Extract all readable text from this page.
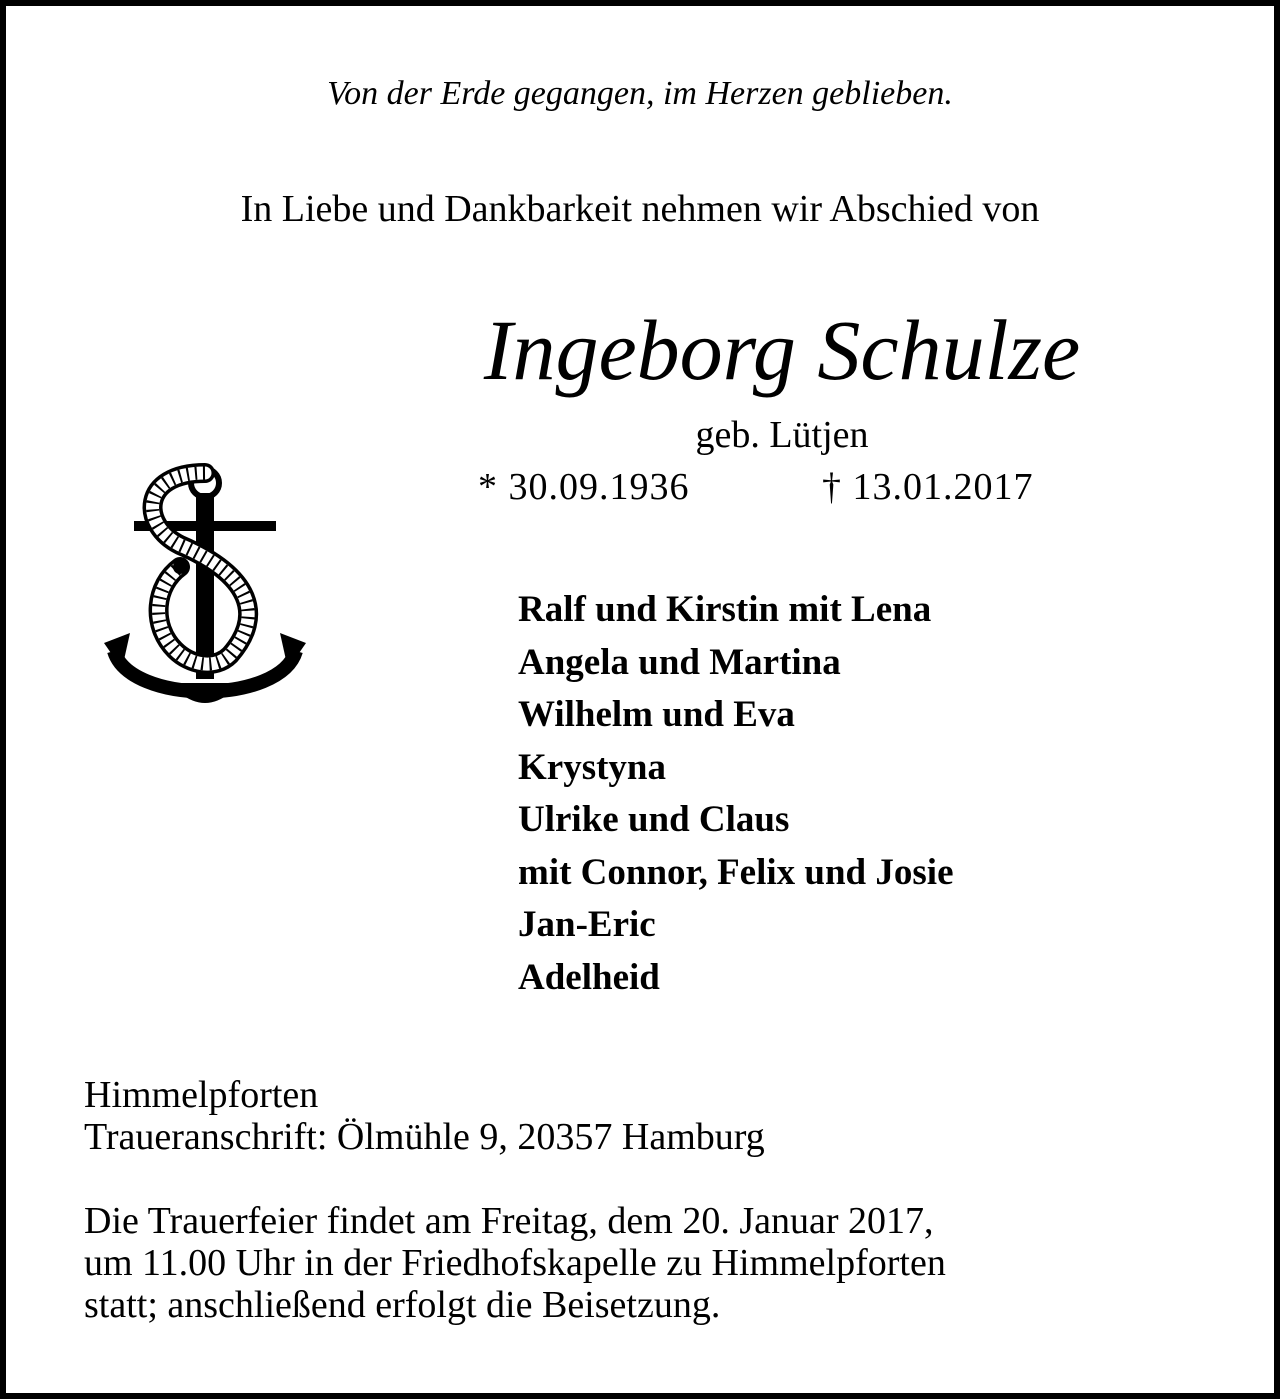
Von der Erde gegangen, im Herzen geblieben.
In Liebe und Dankbarkeit nehmen wir Abschied von
Ingeborg Schulze
geb. Lütjen
* 30.09.1936	† 13.01.2017
Ralf und Kirstin mit Lena
Angela und Martina
Wilhelm und Eva
Krystyna
Ulrike und Claus
mit Connor, Felix und Josie
Jan-Eric
Adelheid
Himmelpforten
Traueranschrift: Ölmühle 9, 20357 Hamburg
Die Trauerfeier findet am Freitag, dem 20. Januar 2017,
um 11.00 Uhr in der Friedhofskapelle zu Himmelpforten
statt; anschließend erfolgt die Beisetzung.
